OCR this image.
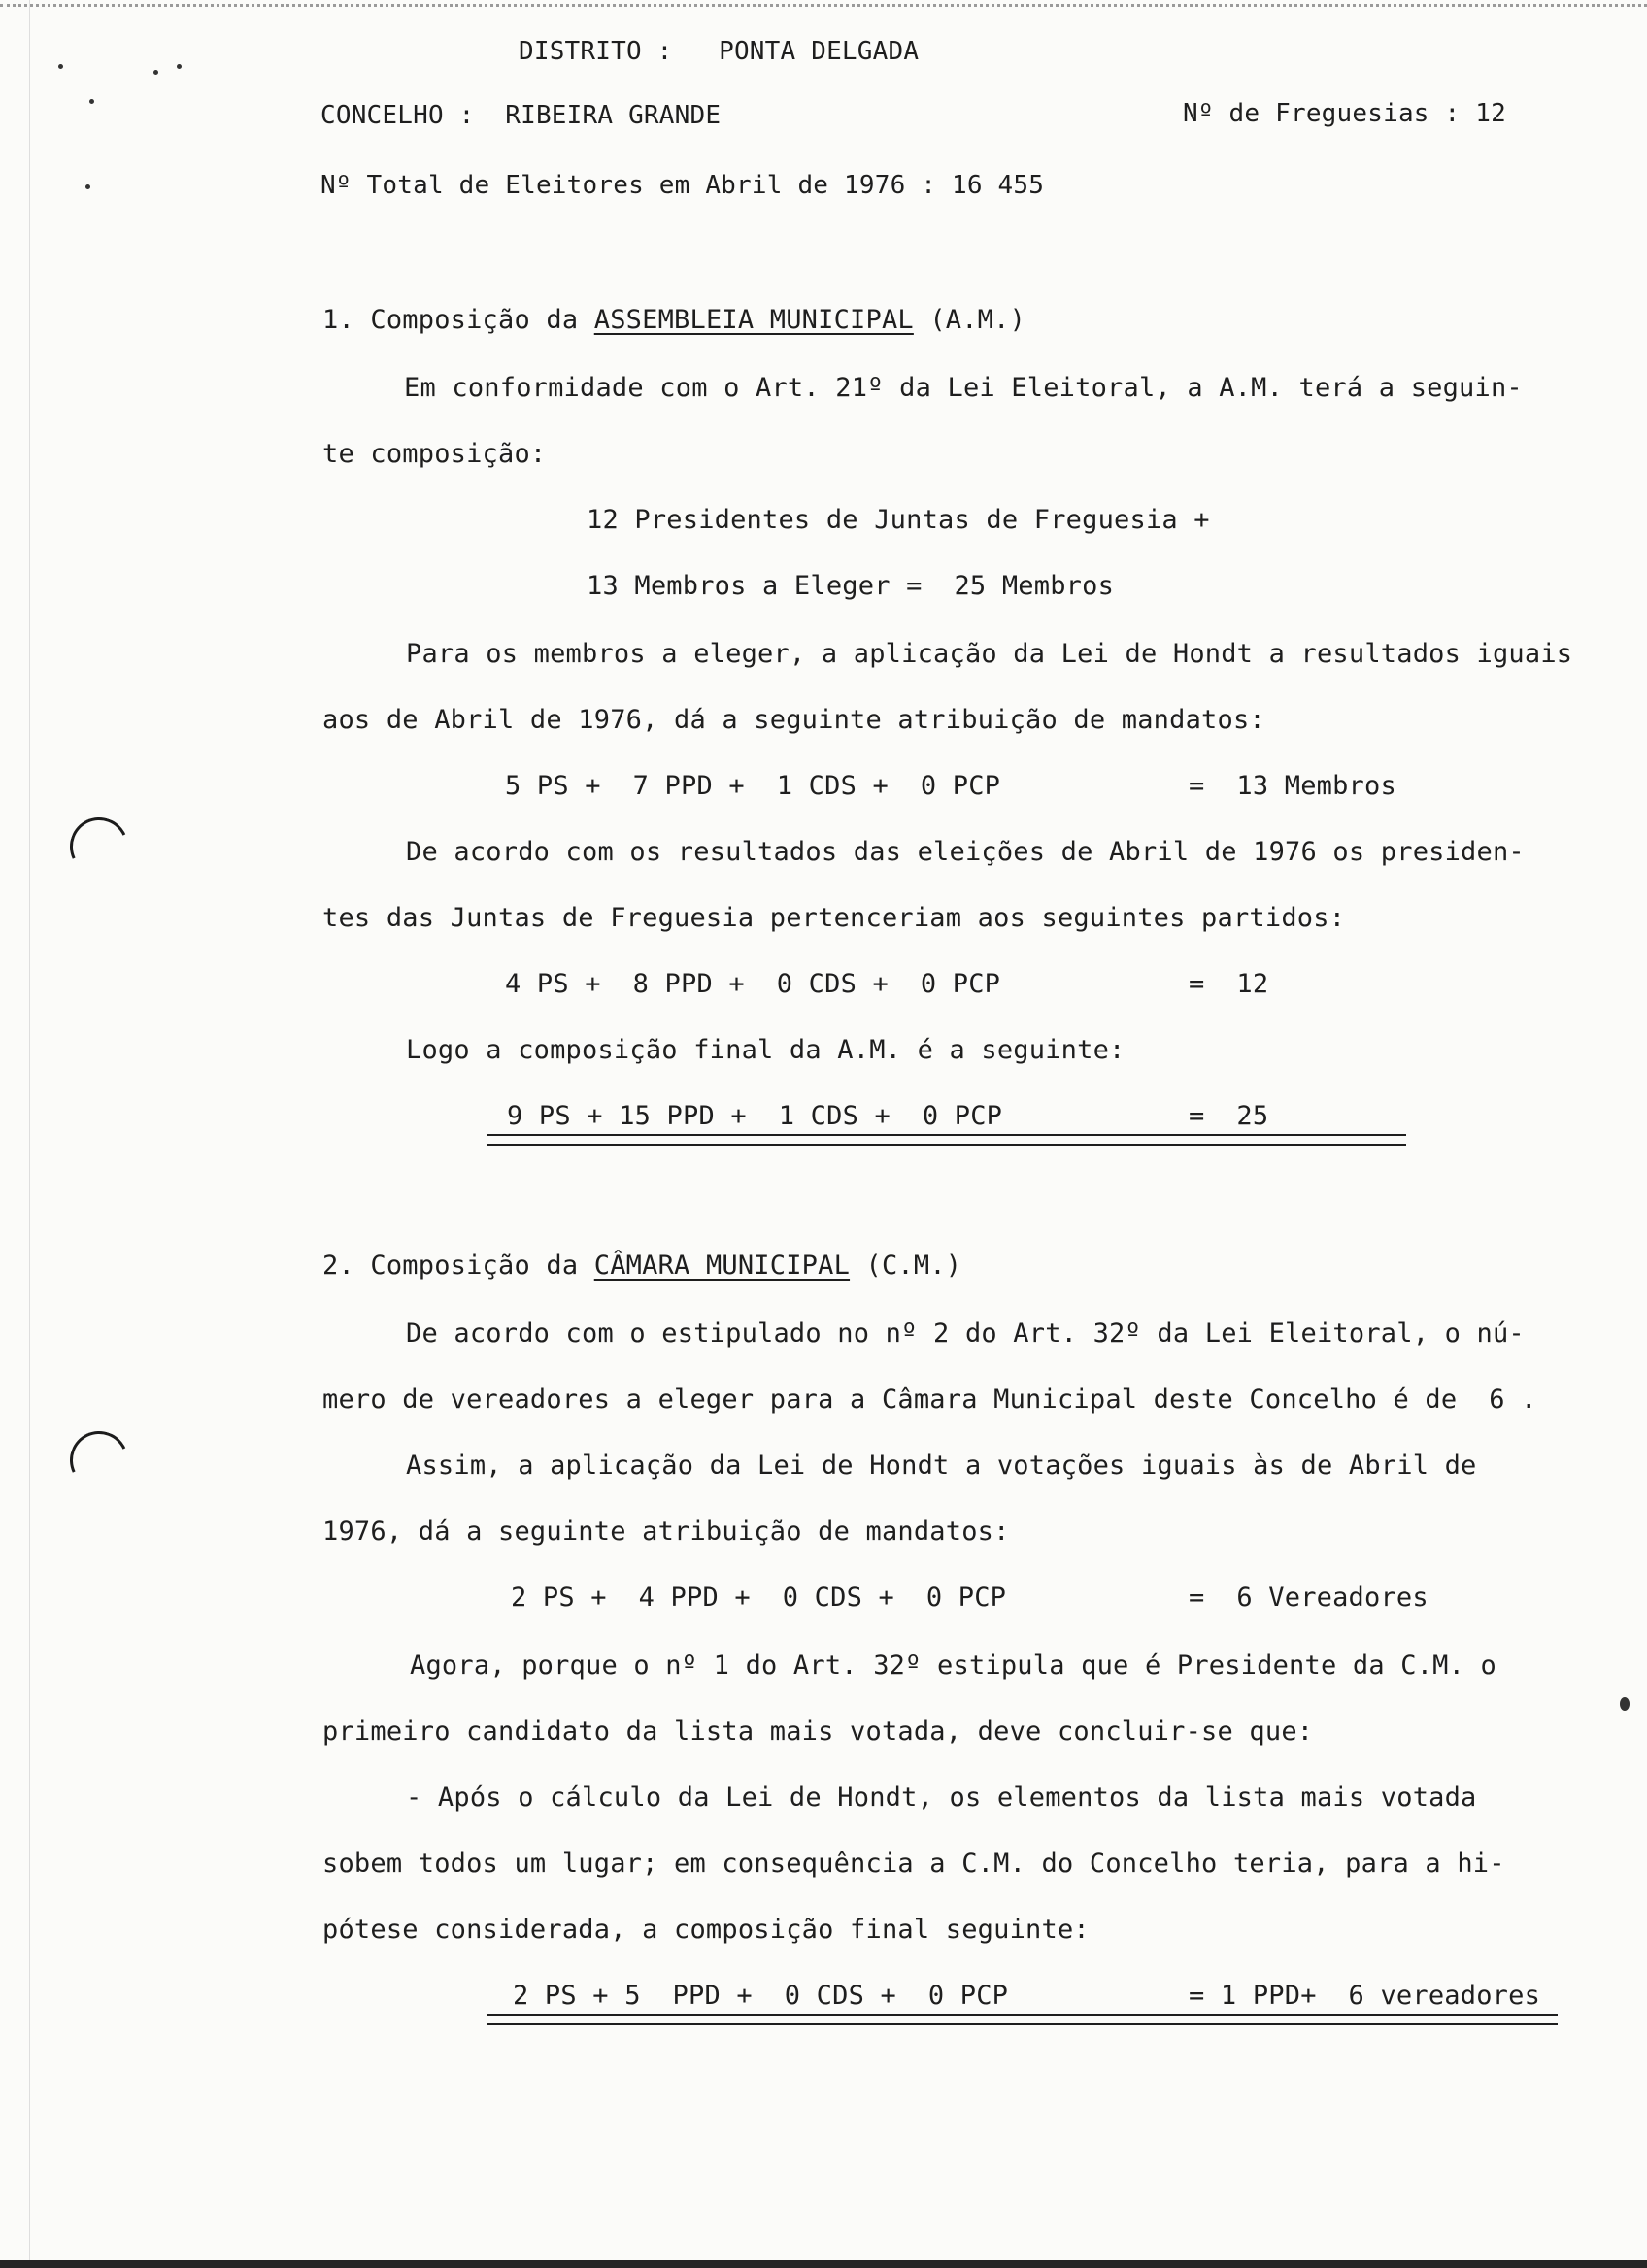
DISTRITO :   PONTA DELGADA
CONCELHO :  RIBEIRA GRANDE	Nº de Freguesias : 12
Nº Total de Eleitores em Abril de 1976 : 16 455
1. Composição da ASSEMBLEIA MUNICIPAL (A.M.)
Em conformidade com o Art. 21º da Lei Eleitoral, a A.M. terá a seguin-
te composição:
12 Presidentes de Juntas de Freguesia +
13 Membros a Eleger =  25 Membros
Para os membros a eleger, a aplicação da Lei de Hondt a resultados iguais
aos de Abril de 1976, dá a seguinte atribuição de mandatos:
5 PS +  7 PPD +  1 CDS +  0 PCP	=  13 Membros
De acordo com os resultados das eleições de Abril de 1976 os presiden-
tes das Juntas de Freguesia pertenceriam aos seguintes partidos:
4 PS +  8 PPD +  0 CDS +  0 PCP	=  12
Logo a composição final da A.M. é a seguinte:
9 PS + 15 PPD +  1 CDS +  0 PCP	=  25
2. Composição da CÂMARA MUNICIPAL (C.M.)
De acordo com o estipulado no nº 2 do Art. 32º da Lei Eleitoral, o nú-
mero de vereadores a eleger para a Câmara Municipal deste Concelho é de  6 .
Assim, a aplicação da Lei de Hondt a votações iguais às de Abril de
1976, dá a seguinte atribuição de mandatos:
2 PS +  4 PPD +  0 CDS +  0 PCP	=  6 Vereadores
Agora, porque o nº 1 do Art. 32º estipula que é Presidente da C.M. o
primeiro candidato da lista mais votada, deve concluir-se que:
- Após o cálculo da Lei de Hondt, os elementos da lista mais votada
sobem todos um lugar; em consequência a C.M. do Concelho teria, para a hi-
pótese considerada, a composição final seguinte:
2 PS + 5  PPD +  0 CDS +  0 PCP	= 1 PPD+  6 vereadores
